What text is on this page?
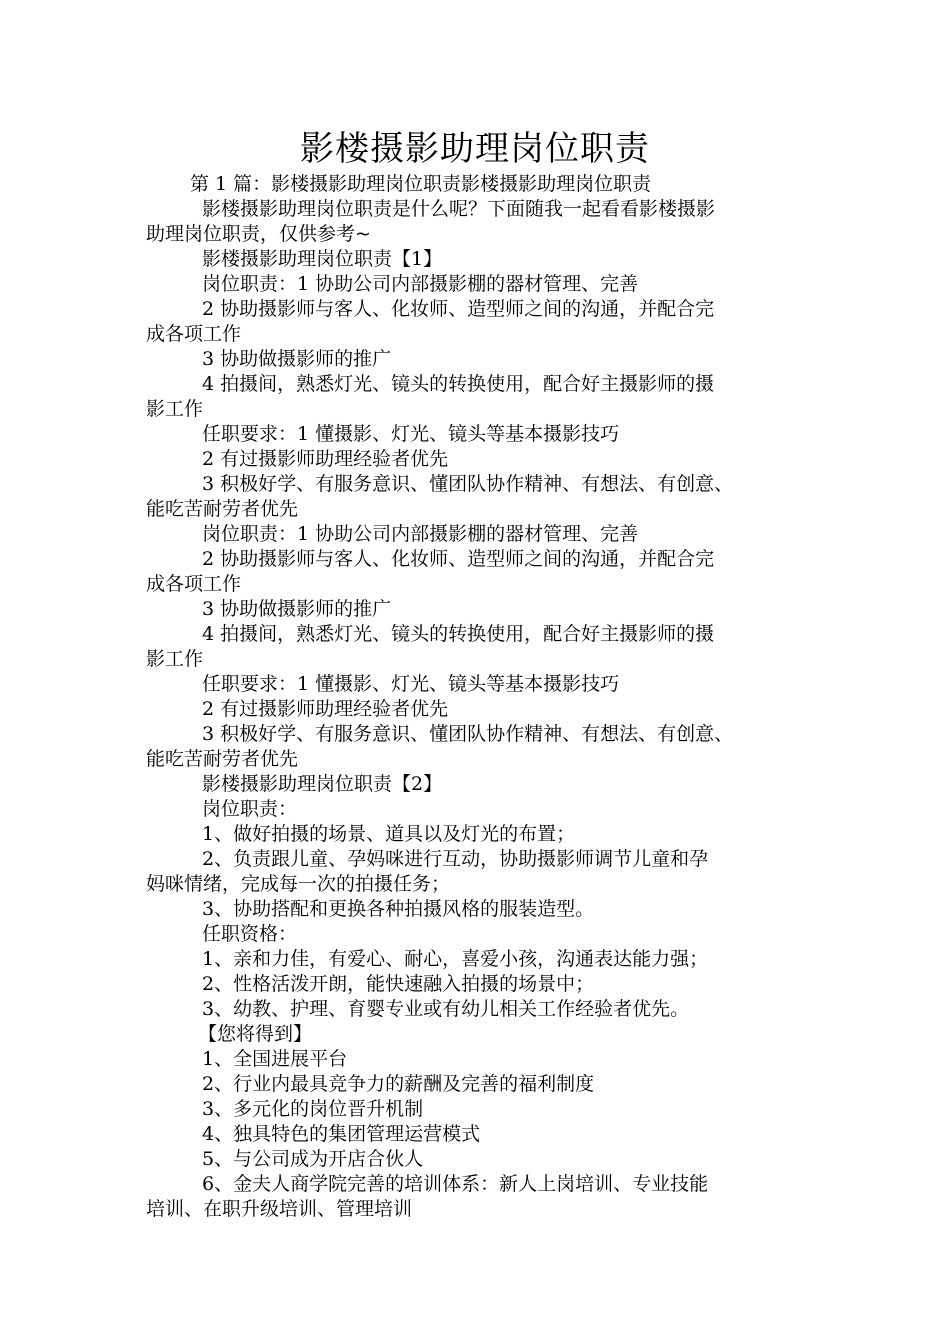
影楼摄影助理岗位职责
第 1 篇：影楼摄影助理岗位职责影楼摄影助理岗位职责
影楼摄影助理岗位职责是什么呢？下面随我一起看看影楼摄影
助理岗位职责，仅供参考~
影楼摄影助理岗位职责【1】
岗位职责：1 协助公司内部摄影棚的器材管理、完善
2 协助摄影师与客人、化妆师、造型师之间的沟通，并配合完
成各项工作
3 协助做摄影师的推广
4 拍摄间，熟悉灯光、镜头的转换使用，配合好主摄影师的摄
影工作
任职要求：1 懂摄影、灯光、镜头等基本摄影技巧
2 有过摄影师助理经验者优先
3 积极好学、有服务意识、懂团队协作精神、有想法、有创意、
能吃苦耐劳者优先
岗位职责：1 协助公司内部摄影棚的器材管理、完善
2 协助摄影师与客人、化妆师、造型师之间的沟通，并配合完
成各项工作
3 协助做摄影师的推广
4 拍摄间，熟悉灯光、镜头的转换使用，配合好主摄影师的摄
影工作
任职要求：1 懂摄影、灯光、镜头等基本摄影技巧
2 有过摄影师助理经验者优先
3 积极好学、有服务意识、懂团队协作精神、有想法、有创意、
能吃苦耐劳者优先
影楼摄影助理岗位职责【2】
岗位职责：
1、做好拍摄的场景、道具以及灯光的布置；
2、负责跟儿童、孕妈咪进行互动，协助摄影师调节儿童和孕
妈咪情绪，完成每一次的拍摄任务；
3、协助搭配和更换各种拍摄风格的服装造型。
任职资格：
1、亲和力佳，有爱心、耐心，喜爱小孩，沟通表达能力强；
2、性格活泼开朗，能快速融入拍摄的场景中；
3、幼教、护理、育婴专业或有幼儿相关工作经验者优先。
【您将得到】
1、全国进展平台
2、行业内最具竞争力的薪酬及完善的福利制度
3、多元化的岗位晋升机制
4、独具特色的集团管理运营模式
5、与公司成为开店合伙人
6、金夫人商学院完善的培训体系：新人上岗培训、专业技能
培训、在职升级培训、管理培训
